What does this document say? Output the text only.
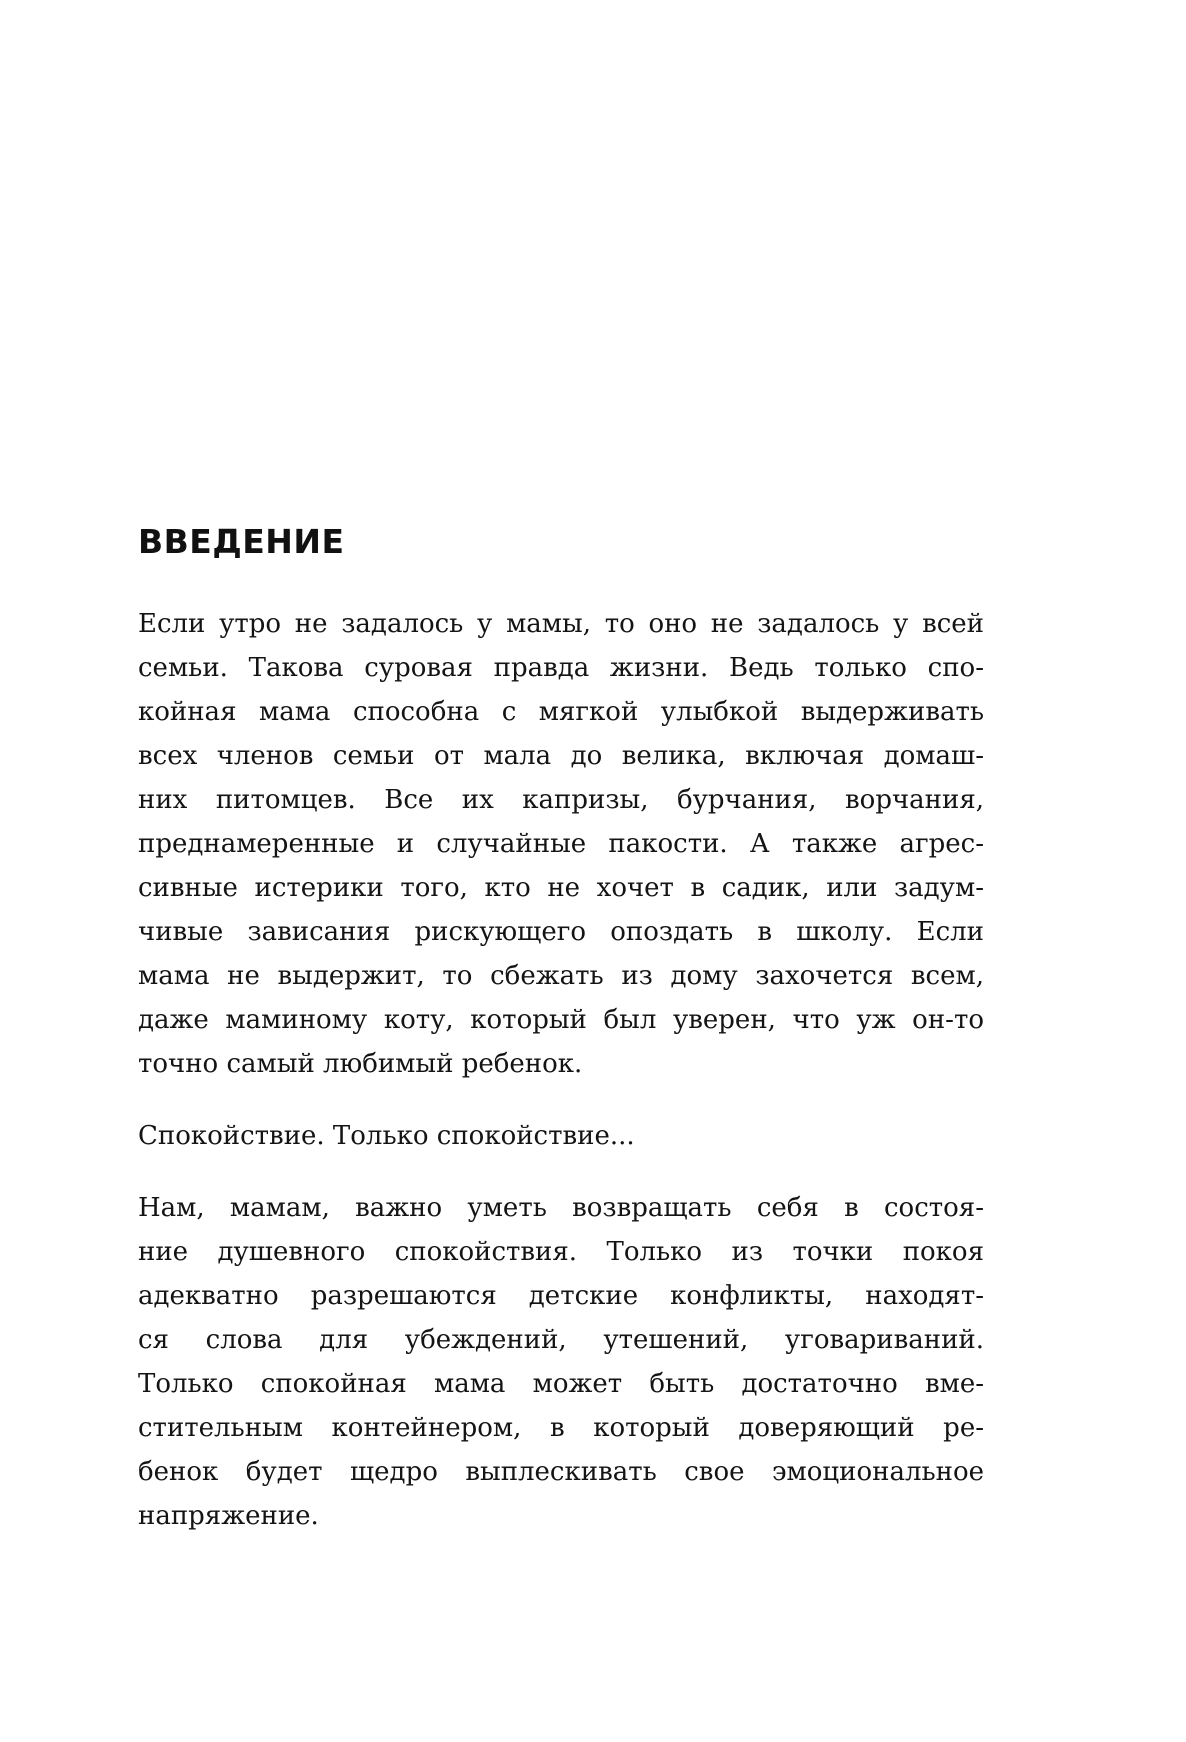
ВВЕДЕНИЕ
Если утро не задалось у мамы, то оно не задалось у всей
семьи. Такова суровая правда жизни. Ведь только спо-
койная мама способна с мягкой улыбкой выдерживать
всех членов семьи от мала до велика, включая домаш-
них питомцев. Все их капризы, бурчания, ворчания,
преднамеренные и случайные пакости. А также агрес-
сивные истерики того, кто не хочет в садик, или задум-
чивые зависания рискующего опоздать в школу. Если
мама не выдержит, то сбежать из дому захочется всем,
даже маминому коту, который был уверен, что уж он-то
точно самый любимый ребенок.
Спокойствие. Только спокойствие...
Нам, мамам, важно уметь возвращать себя в состоя-
ние душевного спокойствия. Только из точки покоя
адекватно разрешаются детские конфликты, находят-
ся слова для убеждений, утешений, уговариваний.
Только спокойная мама может быть достаточно вме-
стительным контейнером, в который доверяющий ре-
бенок будет щедро выплескивать свое эмоциональное
напряжение.
